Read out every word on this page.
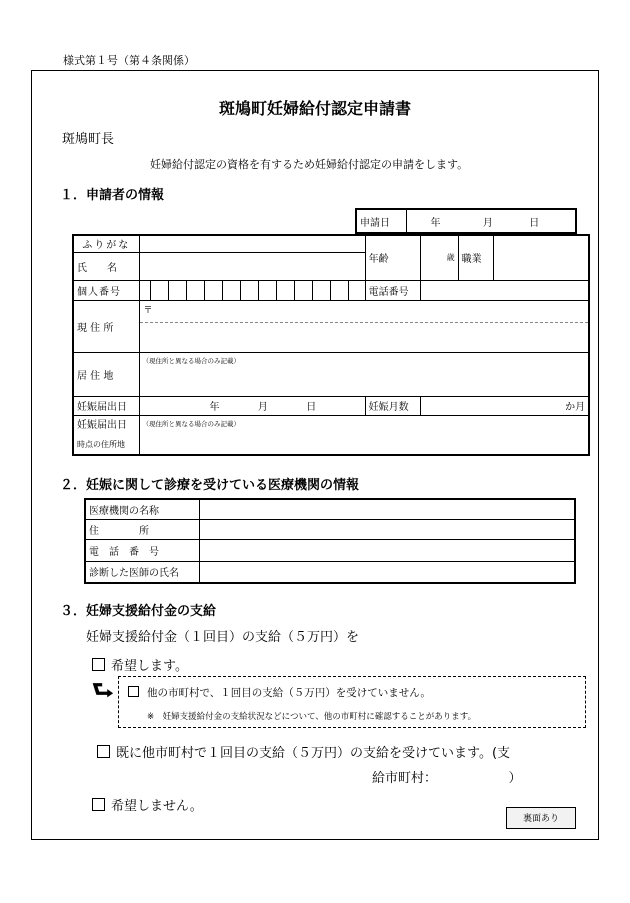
様式第１号（第４条関係）
斑鳩町妊婦給付認定申請書
斑鳩町長
妊婦給付認定の資格を有するため妊婦給付認定の申請をします。
１．申請者の情報
申請日	年	月	日
ふりがな														年齢	歳	職業	
氏　　名																	
個人番号														電話番号			
現 住 所	〒																

居 住 地	（現住所と異なる場合のみ記載）																
妊娠届出日	年 月 日													妊娠月数	か月		

妊娠届出日
時点の住所地	（現住所と異なる場合のみ記載）																
２．妊娠に関して診療を受けている医療機関の情報
医療機関の名称	
住　　　　所	
電　話　番　号	
診断した医師の氏名	
３．妊婦支援給付金の支給
妊婦支援給付金（１回目）の支給（５万円）を
希望します。
⮑	他の市町村で、１回目の支給（５万円）を受けていません。
※　妊婦支援給付金の支給状況などについて、他の市町村に確認することがあります。
既に他市町村で１回目の支給（５万円）の支給を受けています。(支
給市町村：　　　　　　）
希望しません。
裏面あり
